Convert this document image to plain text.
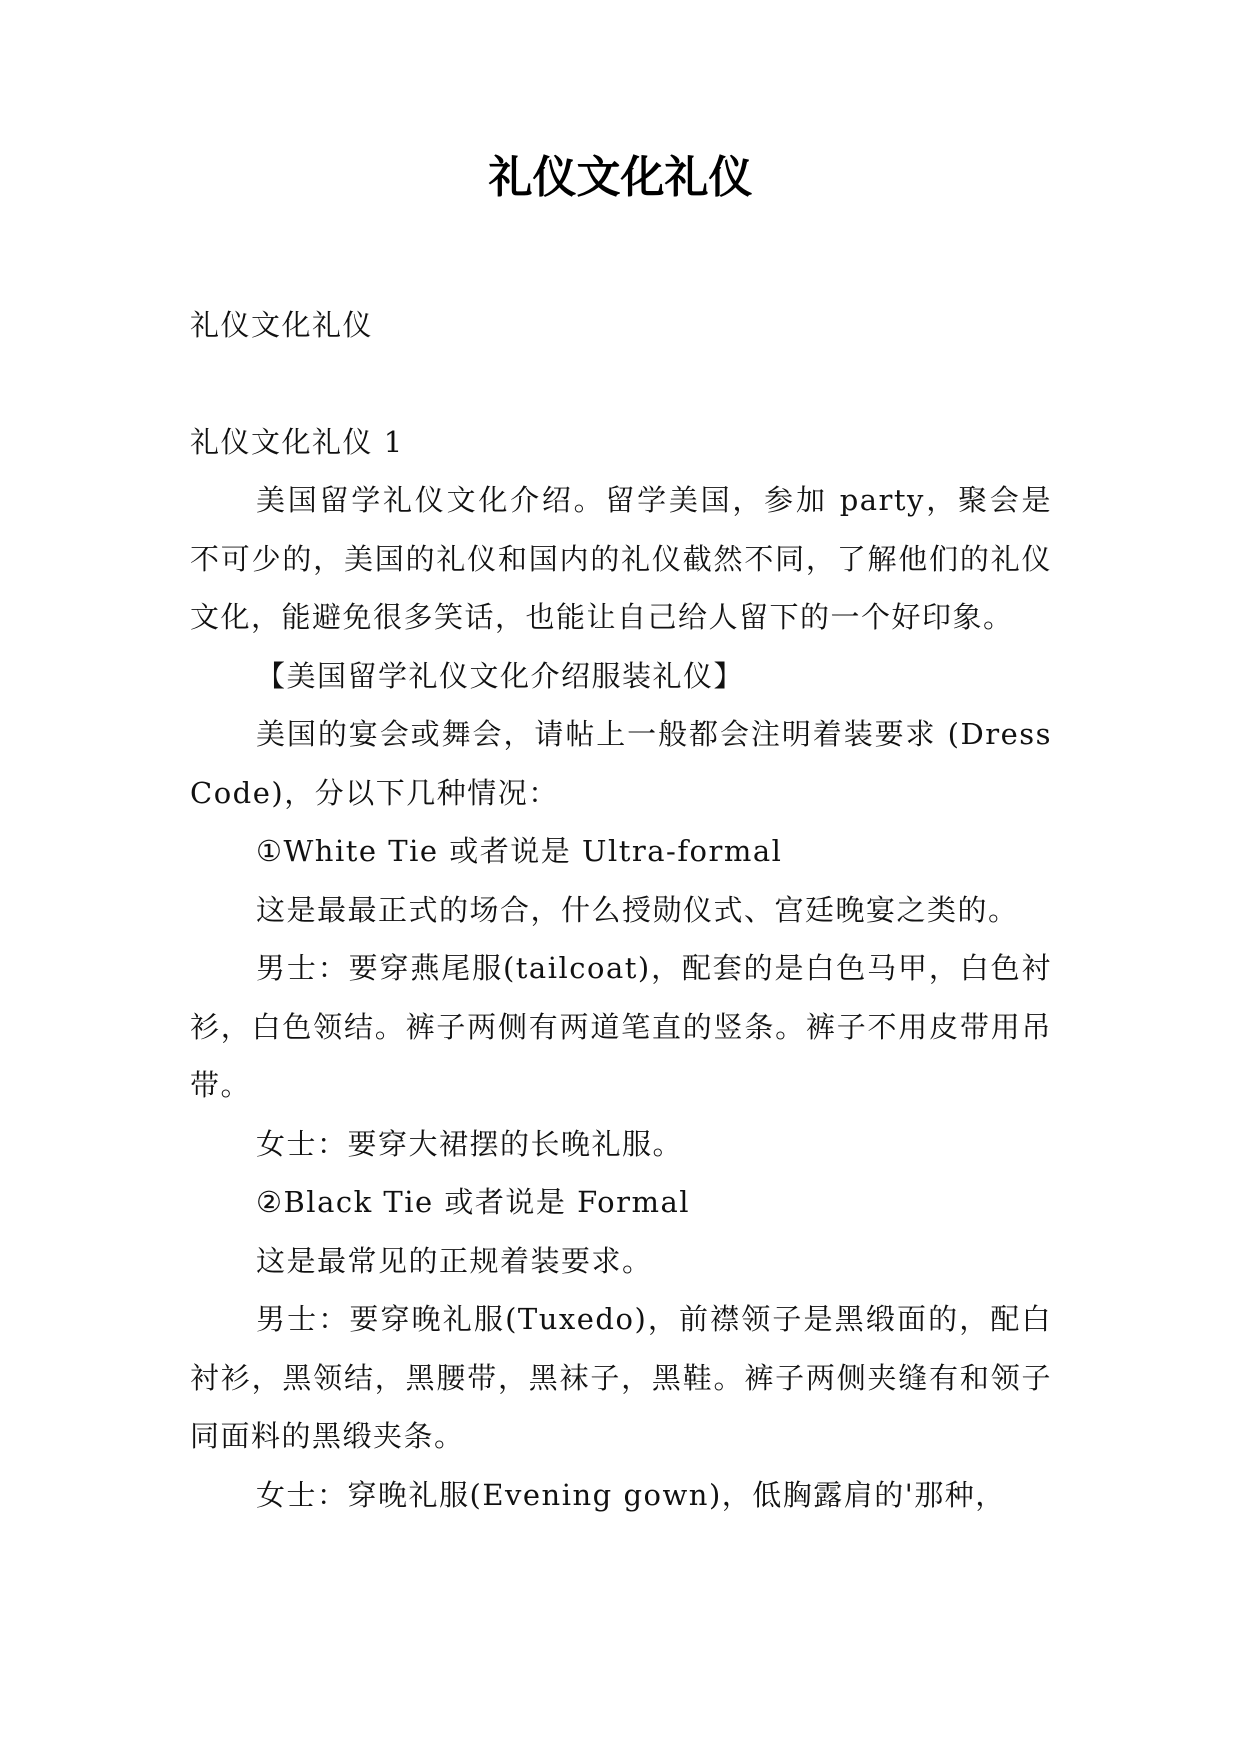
礼仪文化礼仪

礼仪文化礼仪

礼仪文化礼仪 1

美国留学礼仪文化介绍。留学美国，参加 party，聚会是不可少的，美国的礼仪和国内的礼仪截然不同，了解他们的礼仪文化，能避免很多笑话，也能让自己给人留下的一个好印象。

【美国留学礼仪文化介绍服装礼仪】

美国的宴会或舞会，请帖上一般都会注明着装要求 (Dress Code)，分以下几种情况：

①White Tie 或者说是 Ultra-formal

这是最最正式的场合，什么授勋仪式、宫廷晚宴之类的。

男士：要穿燕尾服(tailcoat)，配套的是白色马甲，白色衬衫，白色领结。裤子两侧有两道笔直的竖条。裤子不用皮带用吊带。

女士：要穿大裙摆的长晚礼服。

②Black Tie 或者说是 Formal

这是最常见的正规着装要求。

男士：要穿晚礼服(Tuxedo)，前襟领子是黑缎面的，配白衬衫，黑领结，黑腰带，黑袜子，黑鞋。裤子两侧夹缝有和领子同面料的黑缎夹条。

女士：穿晚礼服(Evening gown)，低胸露肩的'那种，
